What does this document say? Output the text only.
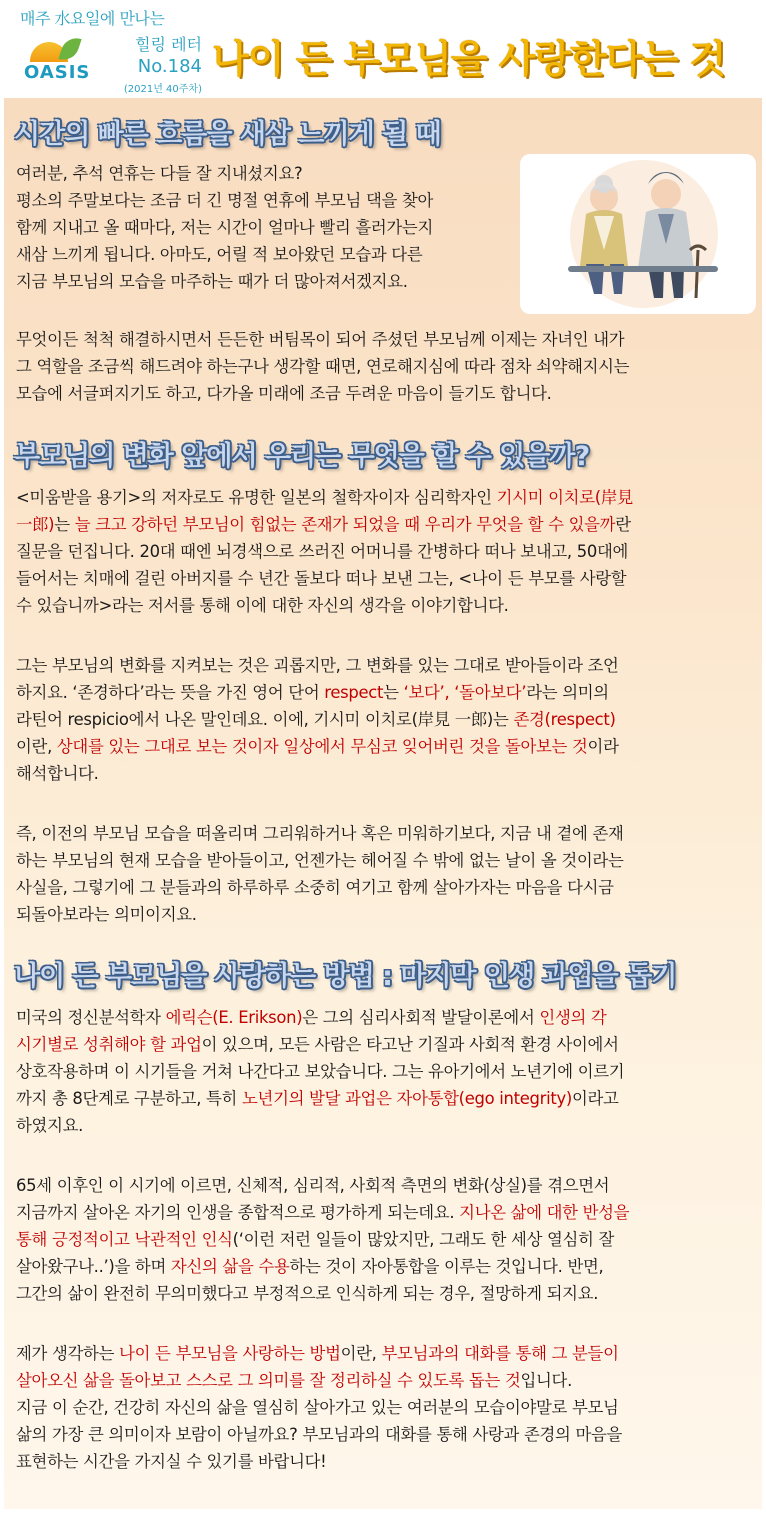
매주 水요일에 만나는
힐링 레터
No.184
(2021년 40주차)
OASIS	나이 든 부모님을 사랑한다는 것
시간의 빠른 흐름을 새삼 느끼게 될 때
여러분, 추석 연휴는 다들 잘 지내셨지요?
평소의 주말보다는 조금 더 긴 명절 연휴에 부모님 댁을 찾아
함께 지내고 올 때마다, 저는 시간이 얼마나 빨리 흘러가는지
새삼 느끼게 됩니다. 아마도, 어릴 적 보아왔던 모습과 다른
지금 부모님의 모습을 마주하는 때가 더 많아져서겠지요.
무엇이든 척척 해결하시면서 든든한 버팀목이 되어 주셨던 부모님께 이제는 자녀인 내가
그 역할을 조금씩 해드려야 하는구나 생각할 때면, 연로해지심에 따라 점차 쇠약해지시는
모습에 서글퍼지기도 하고, 다가올 미래에 조금 두려운 마음이 들기도 합니다.
부모님의 변화 앞에서 우리는 무엇을 할 수 있을까?
<미움받을 용기>의 저자로도 유명한 일본의 철학자이자 심리학자인 기시미 이치로(岸見
一郎)는 늘 크고 강하던 부모님이 힘없는 존재가 되었을 때 우리가 무엇을 할 수 있을까란
질문을 던집니다. 20대 때엔 뇌경색으로 쓰러진 어머니를 간병하다 떠나 보내고, 50대에
들어서는 치매에 걸린 아버지를 수 년간 돌보다 떠나 보낸 그는, <나이 든 부모를 사랑할
수 있습니까>라는 저서를 통해 이에 대한 자신의 생각을 이야기합니다.
그는 부모님의 변화를 지켜보는 것은 괴롭지만, 그 변화를 있는 그대로 받아들이라 조언
하지요. ‘존경하다’라는 뜻을 가진 영어 단어 respect는 ‘보다’, ‘돌아보다’라는 의미의
라틴어 respicio에서 나온 말인데요. 이에, 기시미 이치로(岸見 一郎)는 존경(respect)
이란, 상대를 있는 그대로 보는 것이자 일상에서 무심코 잊어버린 것을 돌아보는 것이라
해석합니다.
즉, 이전의 부모님 모습을 떠올리며 그리워하거나 혹은 미워하기보다, 지금 내 곁에 존재
하는 부모님의 현재 모습을 받아들이고, 언젠가는 헤어질 수 밖에 없는 날이 올 것이라는
사실을, 그렇기에 그 분들과의 하루하루 소중히 여기고 함께 살아가자는 마음을 다시금
되돌아보라는 의미이지요.
나이 든 부모님을 사랑하는 방법 : 마지막 인생 과업을 돕기
미국의 정신분석학자 에릭슨(E. Erikson)은 그의 심리사회적 발달이론에서 인생의 각
시기별로 성취해야 할 과업이 있으며, 모든 사람은 타고난 기질과 사회적 환경 사이에서
상호작용하며 이 시기들을 거쳐 나간다고 보았습니다. 그는 유아기에서 노년기에 이르기
까지 총 8단계로 구분하고, 특히 노년기의 발달 과업은 자아통합(ego integrity)이라고
하였지요.
65세 이후인 이 시기에 이르면, 신체적, 심리적, 사회적 측면의 변화(상실)를 겪으면서
지금까지 살아온 자기의 인생을 종합적으로 평가하게 되는데요. 지나온 삶에 대한 반성을
통해 긍정적이고 낙관적인 인식(‘이런 저런 일들이 많았지만, 그래도 한 세상 열심히 잘
살아왔구나..’)을 하며 자신의 삶을 수용하는 것이 자아통합을 이루는 것입니다. 반면,
그간의 삶이 완전히 무의미했다고 부정적으로 인식하게 되는 경우, 절망하게 되지요.
제가 생각하는 나이 든 부모님을 사랑하는 방법이란, 부모님과의 대화를 통해 그 분들이
살아오신 삶을 돌아보고 스스로 그 의미를 잘 정리하실 수 있도록 돕는 것입니다.
지금 이 순간, 건강히 자신의 삶을 열심히 살아가고 있는 여러분의 모습이야말로 부모님
삶의 가장 큰 의미이자 보람이 아닐까요? 부모님과의 대화를 통해 사랑과 존경의 마음을
표현하는 시간을 가지실 수 있기를 바랍니다!
